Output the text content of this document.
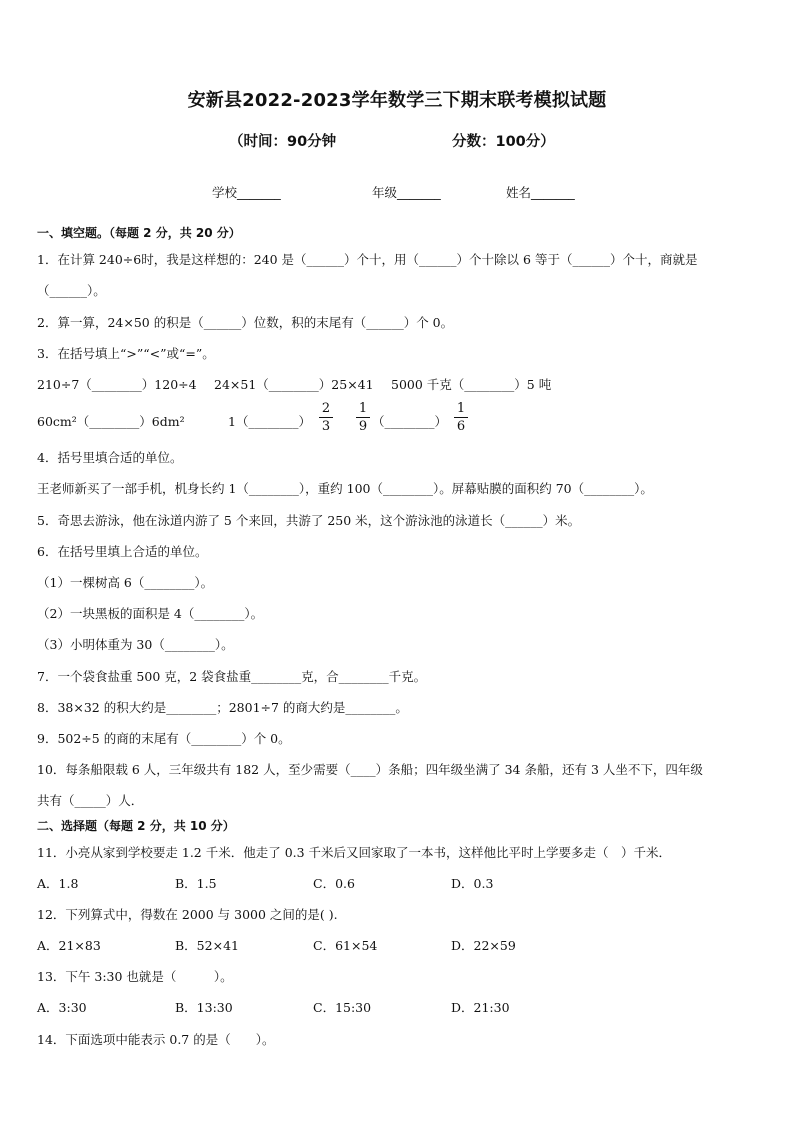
安新县2022-2023学年数学三下期末联考模拟试题
（时间：90分钟	分数：100分）
学校_______	年级_______	姓名_______
一、填空题。（每题 2 分，共 20 分）
1．在计算 240÷6时，我是这样想的：240 是（______）个十，用（______）个十除以 6 等于（______）个十，商就是
（______）。
2．算一算，24×50 的积是（______）位数，积的末尾有（______）个 0。
3．在括号填上“>”“<”或“=”。
210÷7（________）120÷4 24×51（________）25×41 5000 千克（________）5 吨
60cm²（________）6dm²	1（________） $\frac{2}{3} \frac{1}{9}$ （________） $\frac{1}{6}$
4．括号里填合适的单位。
王老师新买了一部手机，机身长约 1（________），重约 100（________）。屏幕贴膜的面积约 70（________）。
5．奇思去游泳，他在泳道内游了 5 个来回，共游了 250 米，这个游泳池的泳道长（______）米。
6．在括号里填上合适的单位。
（1）一棵树高 6（________）。
（2）一块黑板的面积是 4（________）。
（3）小明体重为 30（________）。
7．一个袋食盐重 500 克，2 袋食盐重________克，合________千克。
8．38×32 的积大约是________；2801÷7 的商大约是________。
9．502÷5 的商的末尾有（________）个 0。
10．每条船限载 6 人，三年级共有 182 人，至少需要（____）条船；四年级坐满了 34 条船，还有 3 人坐不下，四年级
共有（_____）人．
二、选择题（每题 2 分，共 10 分）
11．小亮从家到学校要走 1.2 千米．他走了 0.3 千米后又回家取了一本书，这样他比平时上学要多走（　）千米．
A．1.8	B．1.5	C．0.6	D．0.3
12．下列算式中，得数在 2000 与 3000 之间的是( ).
A．21×83	B．52×41	C．61×54	D．22×59
13．下午 3:30 也就是（　　　）。
A．3:30	B．13:30	C．15:30	D．21:30
14．下面选项中能表示 0.7 的是（　　）。
